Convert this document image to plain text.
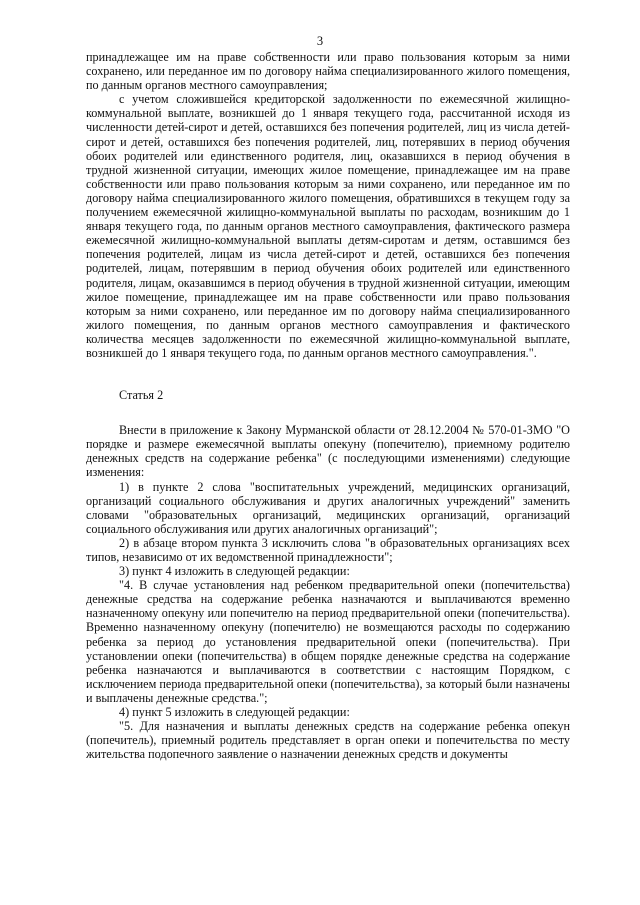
3

принадлежащее им на праве собственности или право пользования которым за ними сохранено, или переданное им по договору найма специализированного жилого помещения, по данным органов местного самоуправления;

с учетом сложившейся кредиторской задолженности по ежемесячной жилищно-коммунальной выплате, возникшей до 1 января текущего года, рассчитанной исходя из численности детей-сирот и детей, оставшихся без попечения родителей, лиц из числа детей-сирот и детей, оставшихся без попечения родителей, лиц, потерявших в период обучения обоих родителей или единственного родителя, лиц, оказавшихся в период обучения в трудной жизненной ситуации, имеющих жилое помещение, принадлежащее им на праве собственности или право пользования которым за ними сохранено, или переданное им по договору найма специализированного жилого помещения, обратившихся в текущем году за получением ежемесячной жилищно-коммунальной выплаты по расходам, возникшим до 1 января текущего года, по данным органов местного самоуправления, фактического размера ежемесячной жилищно-коммунальной выплаты детям-сиротам и детям, оставшимся без попечения родителей, лицам из числа детей-сирот и детей, оставшихся без попечения родителей, лицам, потерявшим в период обучения обоих родителей или единственного родителя, лицам, оказавшимся в период обучения в трудной жизненной ситуации, имеющим жилое помещение, принадлежащее им на праве собственности или право пользования которым за ними сохранено, или переданное им по договору найма специализированного жилого помещения, по данным органов местного самоуправления и фактического количества месяцев задолженности по ежемесячной жилищно-коммунальной выплате, возникшей до 1 января текущего года, по данным органов местного самоуправления.".

Статья 2

Внести в приложение к Закону Мурманской области от 28.12.2004 № 570-01-ЗМО "О порядке и размере ежемесячной выплаты опекуну (попечителю), приемному родителю денежных средств на содержание ребенка" (с последующими изменениями) следующие изменения:

1) в пункте 2 слова "воспитательных учреждений, медицинских организаций, организаций социального обслуживания и других аналогичных учреждений" заменить словами "образовательных организаций, медицинских организаций, организаций социального обслуживания или других аналогичных организаций";

2) в абзаце втором пункта 3 исключить слова "в образовательных организациях всех типов, независимо от их ведомственной принадлежности";

3) пункт 4 изложить в следующей редакции:

"4. В случае установления над ребенком предварительной опеки (попечительства) денежные средства на содержание ребенка назначаются и выплачиваются временно назначенному опекуну или попечителю на период предварительной опеки (попечительства). Временно назначенному опекуну (попечителю) не возмещаются расходы по содержанию ребенка за период до установления предварительной опеки (попечительства). При установлении опеки (попечительства) в общем порядке денежные средства на содержание ребенка назначаются и выплачиваются в соответствии с настоящим Порядком, с исключением периода предварительной опеки (попечительства), за который были назначены и выплачены денежные средства.";

4) пункт 5 изложить в следующей редакции:

"5. Для назначения и выплаты денежных средств на содержание ребенка опекун (попечитель), приемный родитель представляет в орган опеки и попечительства по месту жительства подопечного заявление о назначении денежных средств и документы
